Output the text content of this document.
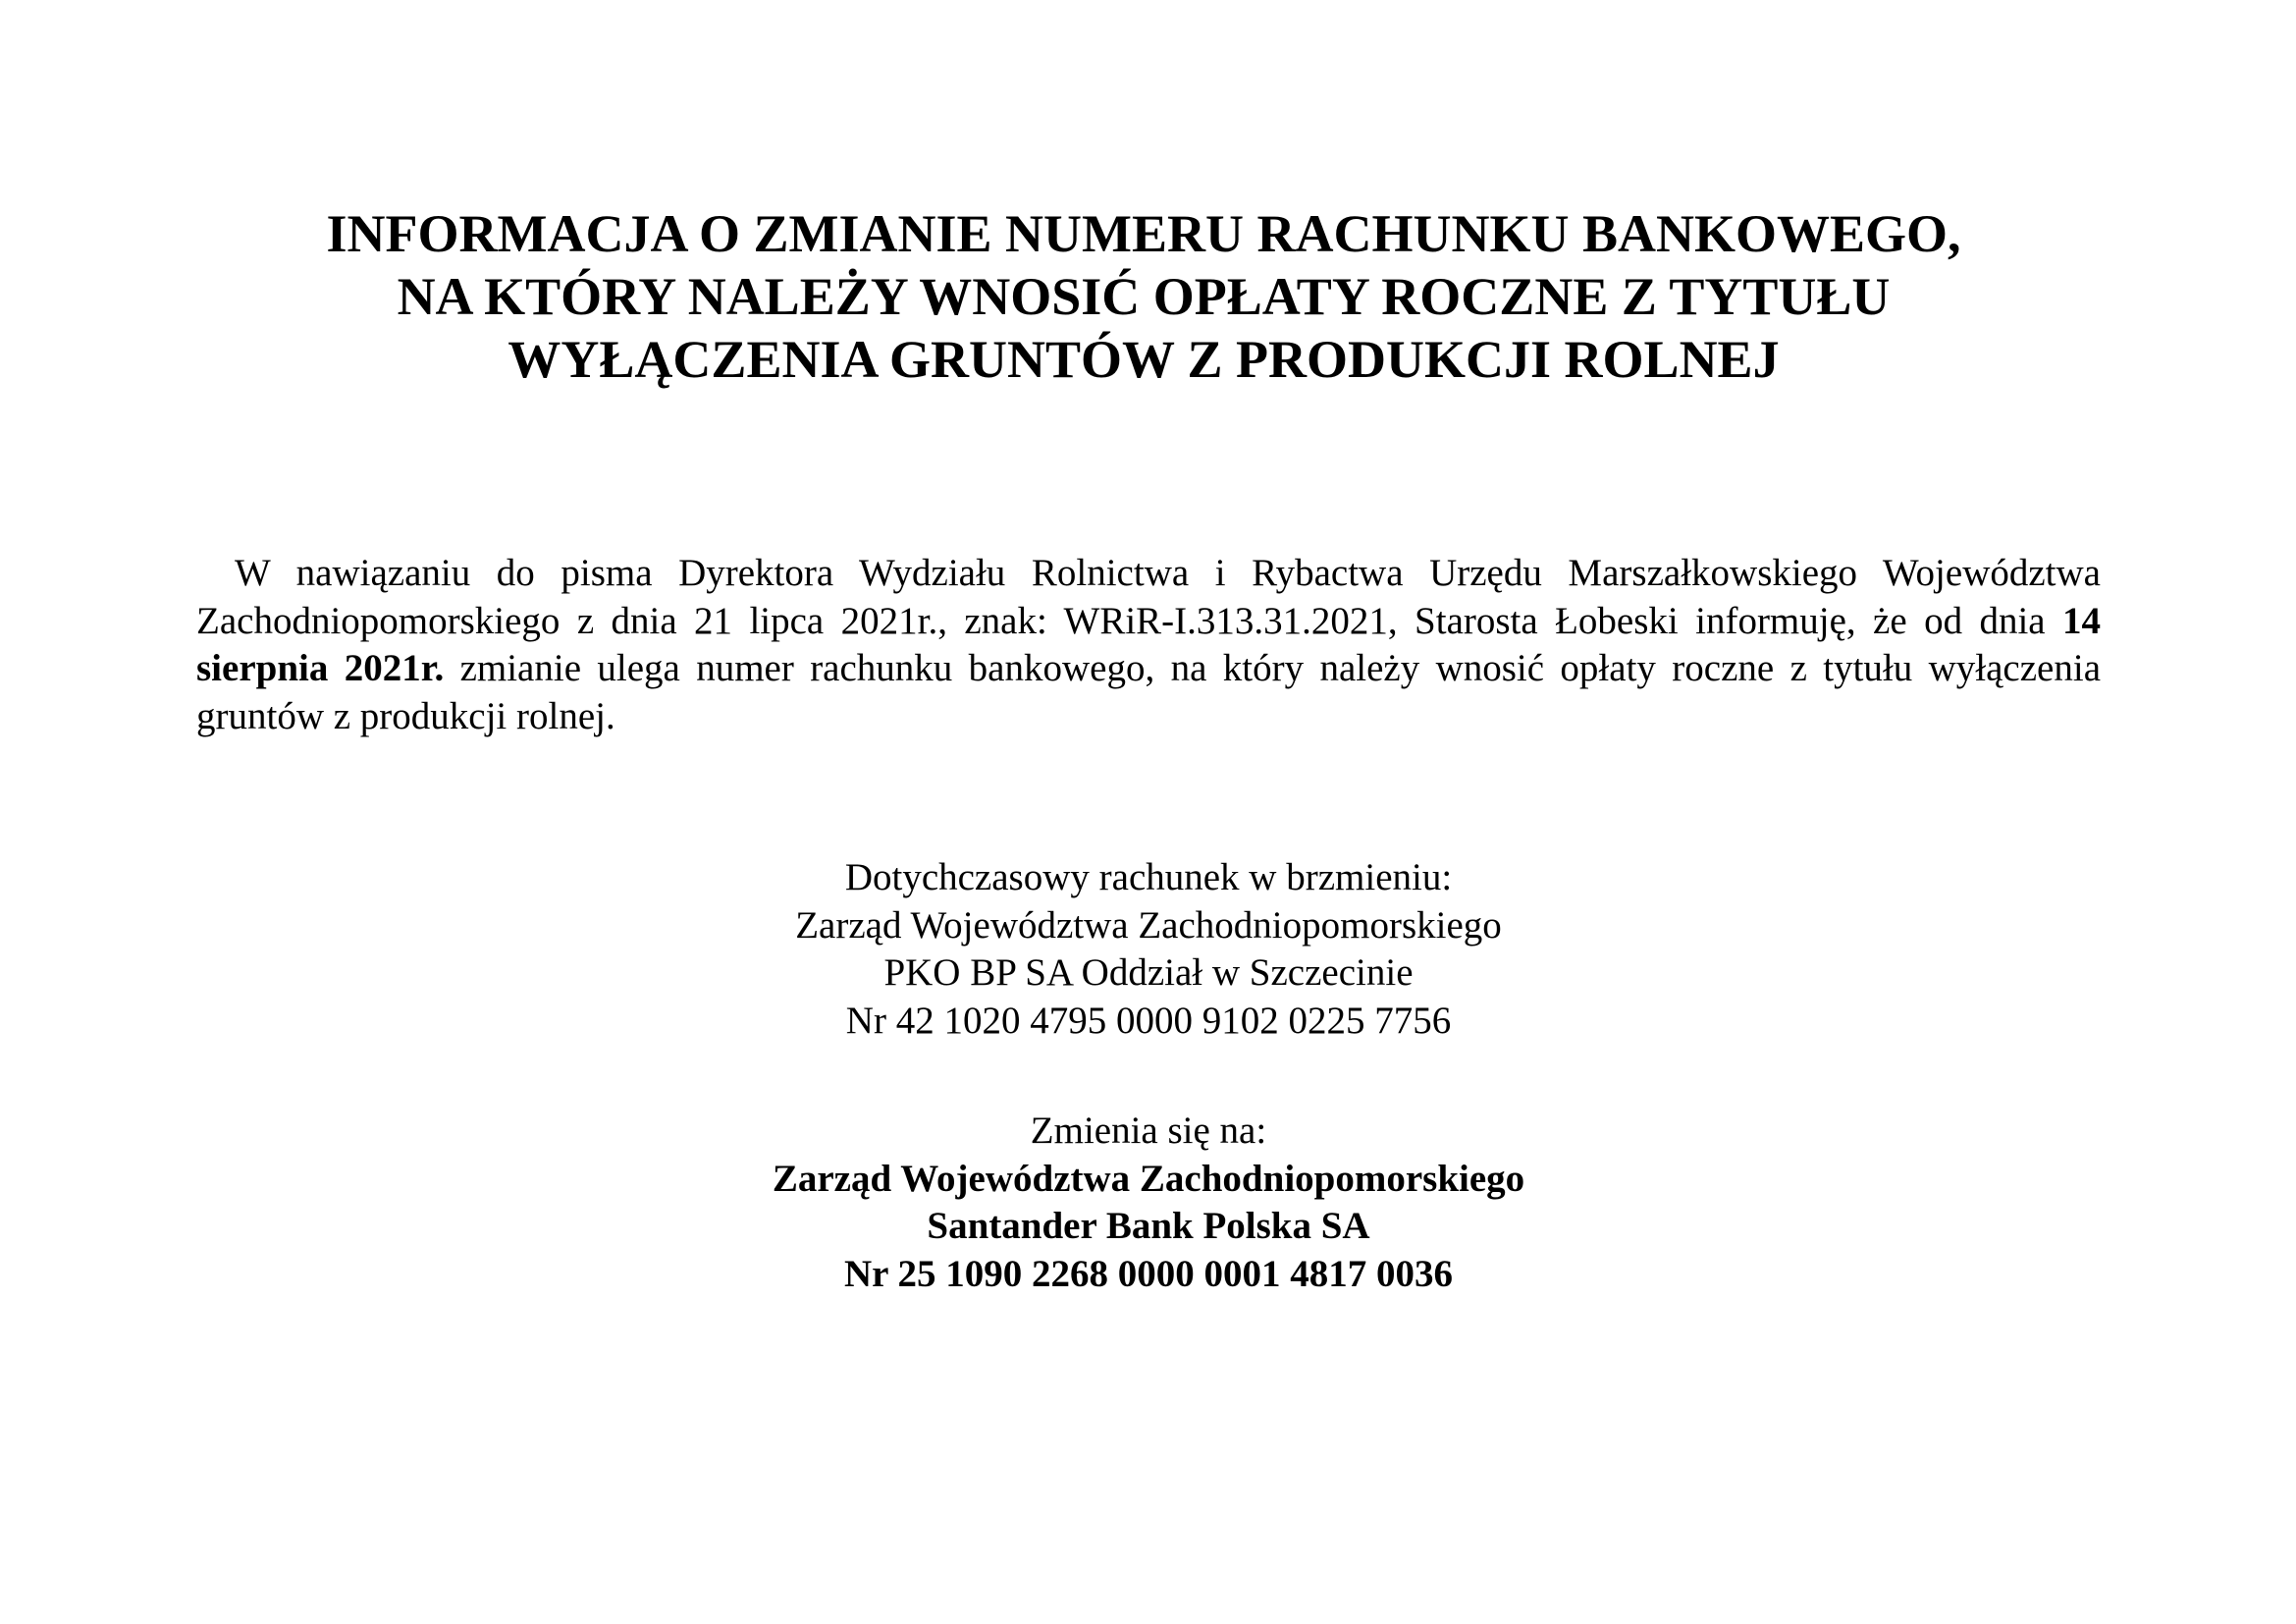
INFORMACJA O ZMIANIE NUMERU RACHUNKU BANKOWEGO,
NA KTÓRY NALEŻY WNOSIĆ OPŁATY ROCZNE Z TYTUŁU
WYŁĄCZENIA GRUNTÓW Z PRODUKCJI ROLNEJ

W nawiązaniu do pisma Dyrektora Wydziału Rolnictwa i Rybactwa Urzędu Marszałkowskiego Województwa Zachodniopomorskiego z dnia 21 lipca 2021r., znak: WRiR-I.313.31.2021, Starosta Łobeski informuję, że od dnia 14 sierpnia 2021r. zmianie ulega numer rachunku bankowego, na który należy wnosić opłaty roczne z tytułu wyłączenia gruntów z produkcji rolnej.

Dotychczasowy rachunek w brzmieniu:
Zarząd Województwa Zachodniopomorskiego
PKO BP SA Oddział w Szczecinie
Nr 42 1020 4795 0000 9102 0225 7756
Zmienia się na:
Zarząd Województwa Zachodniopomorskiego
Santander Bank Polska SA
Nr 25 1090 2268 0000 0001 4817 0036
